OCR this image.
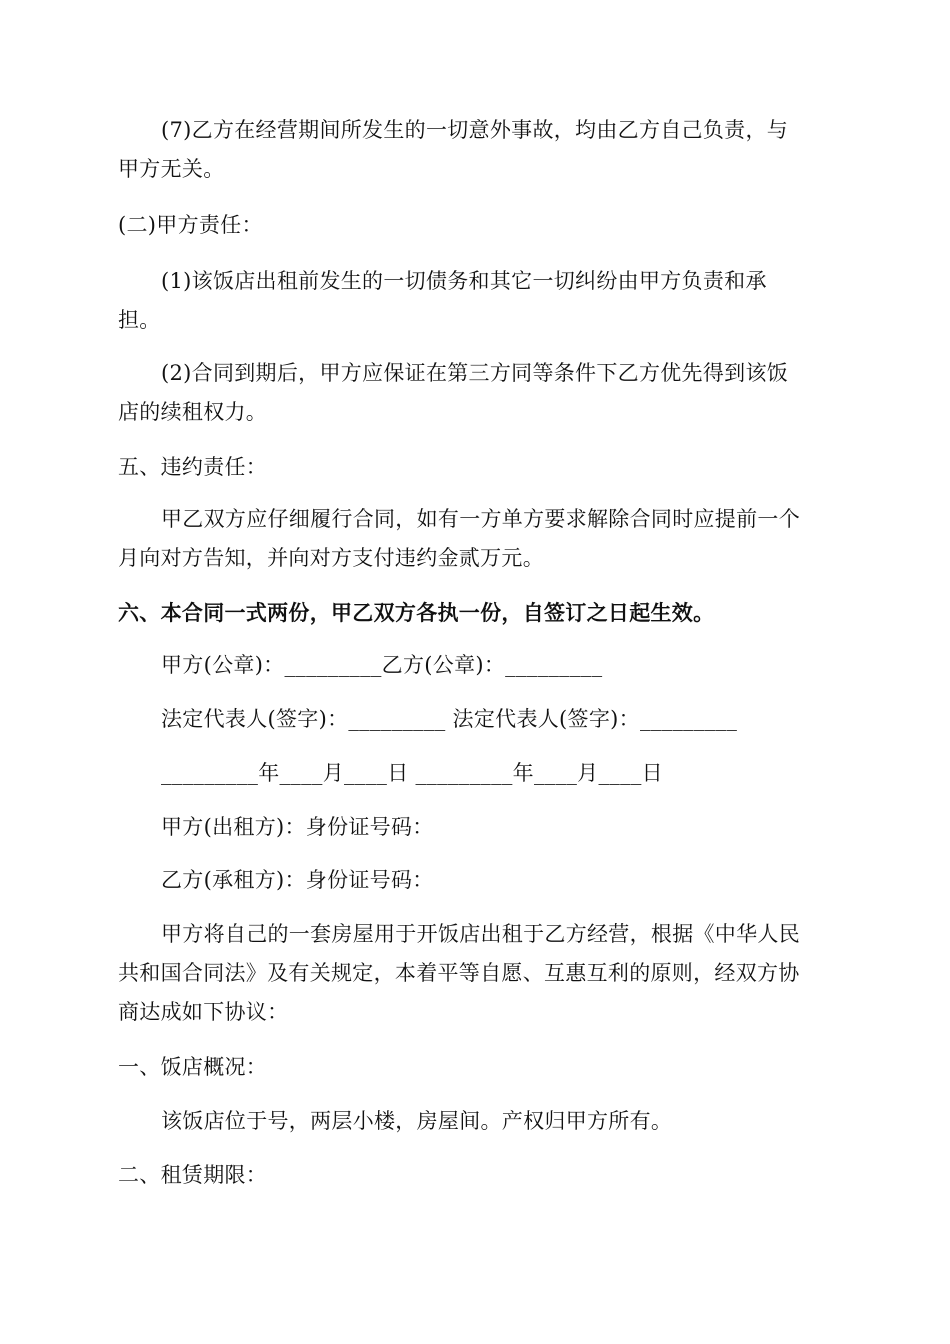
(7)乙方在经营期间所发生的一切意外事故，均由乙方自己负责，与
甲方无关。
(二)甲方责任：
(1)该饭店出租前发生的一切债务和其它一切纠纷由甲方负责和承
担。
(2)合同到期后，甲方应保证在第三方同等条件下乙方优先得到该饭
店的续租权力。
五、违约责任：
甲乙双方应仔细履行合同，如有一方单方要求解除合同时应提前一个
月向对方告知，并向对方支付违约金贰万元。
六、本合同一式两份，甲乙双方各执一份，自签订之日起生效。
甲方(公章)：_________乙方(公章)：_________
法定代表人(签字)：_________ 法定代表人(签字)：_________
_________年____月____日 _________年____月____日
甲方(出租方)：身份证号码：
乙方(承租方)：身份证号码：
甲方将自己的一套房屋用于开饭店出租于乙方经营，根据《中华人民
共和国合同法》及有关规定，本着平等自愿、互惠互利的原则，经双方协
商达成如下协议：
一、饭店概况：
该饭店位于号，两层小楼，房屋间。产权归甲方所有。
二、租赁期限：
